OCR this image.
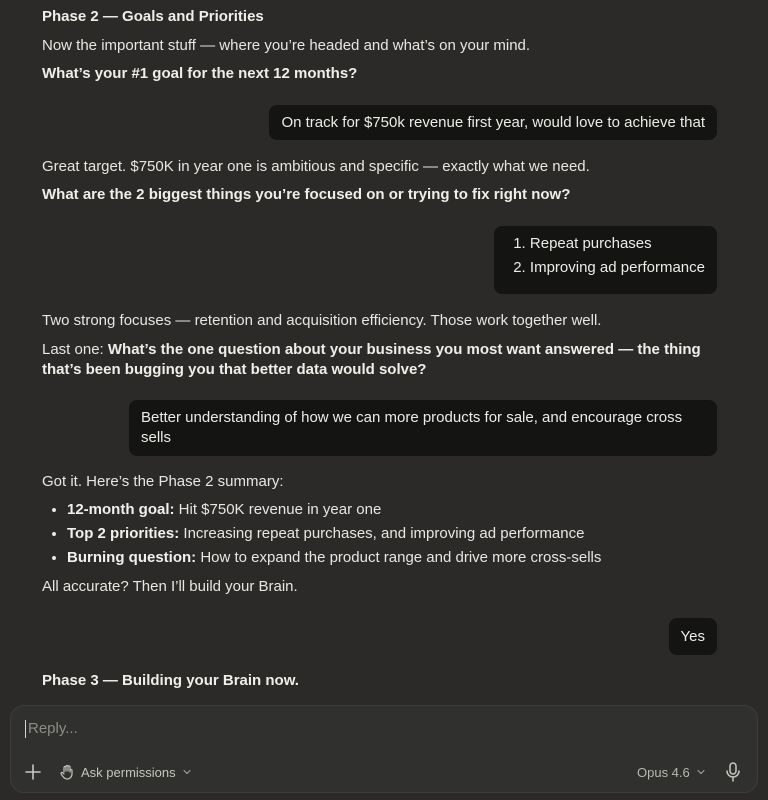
Phase 2 — Goals and Priorities

Now the important stuff — where you’re headed and what’s on your mind.

What’s your #1 goal for the next 12 months?

On track for $750k revenue first year, would love to achieve that

Great target. $750K in year one is ambitious and specific — exactly what we need.

What are the 2 biggest things you’re focused on or trying to fix right now?

1. Repeat purchases
2. Improving ad performance

Two strong focuses — retention and acquisition efficiency. Those work together well.

Last one: What’s the one question about your business you most want answered — the thing that’s been bugging you that better data would solve?

Better understanding of how we can more products for sale, and encourage cross sells

Got it. Here’s the Phase 2 summary:

• 12-month goal: Hit $750K revenue in year one
• Top 2 priorities: Increasing repeat purchases, and improving ad performance
• Burning question: How to expand the product range and drive more cross-sells

All accurate? Then I’ll build your Brain.

Yes

Phase 3 — Building your Brain now.

Reply...
Ask permissions	Opus 4.6
